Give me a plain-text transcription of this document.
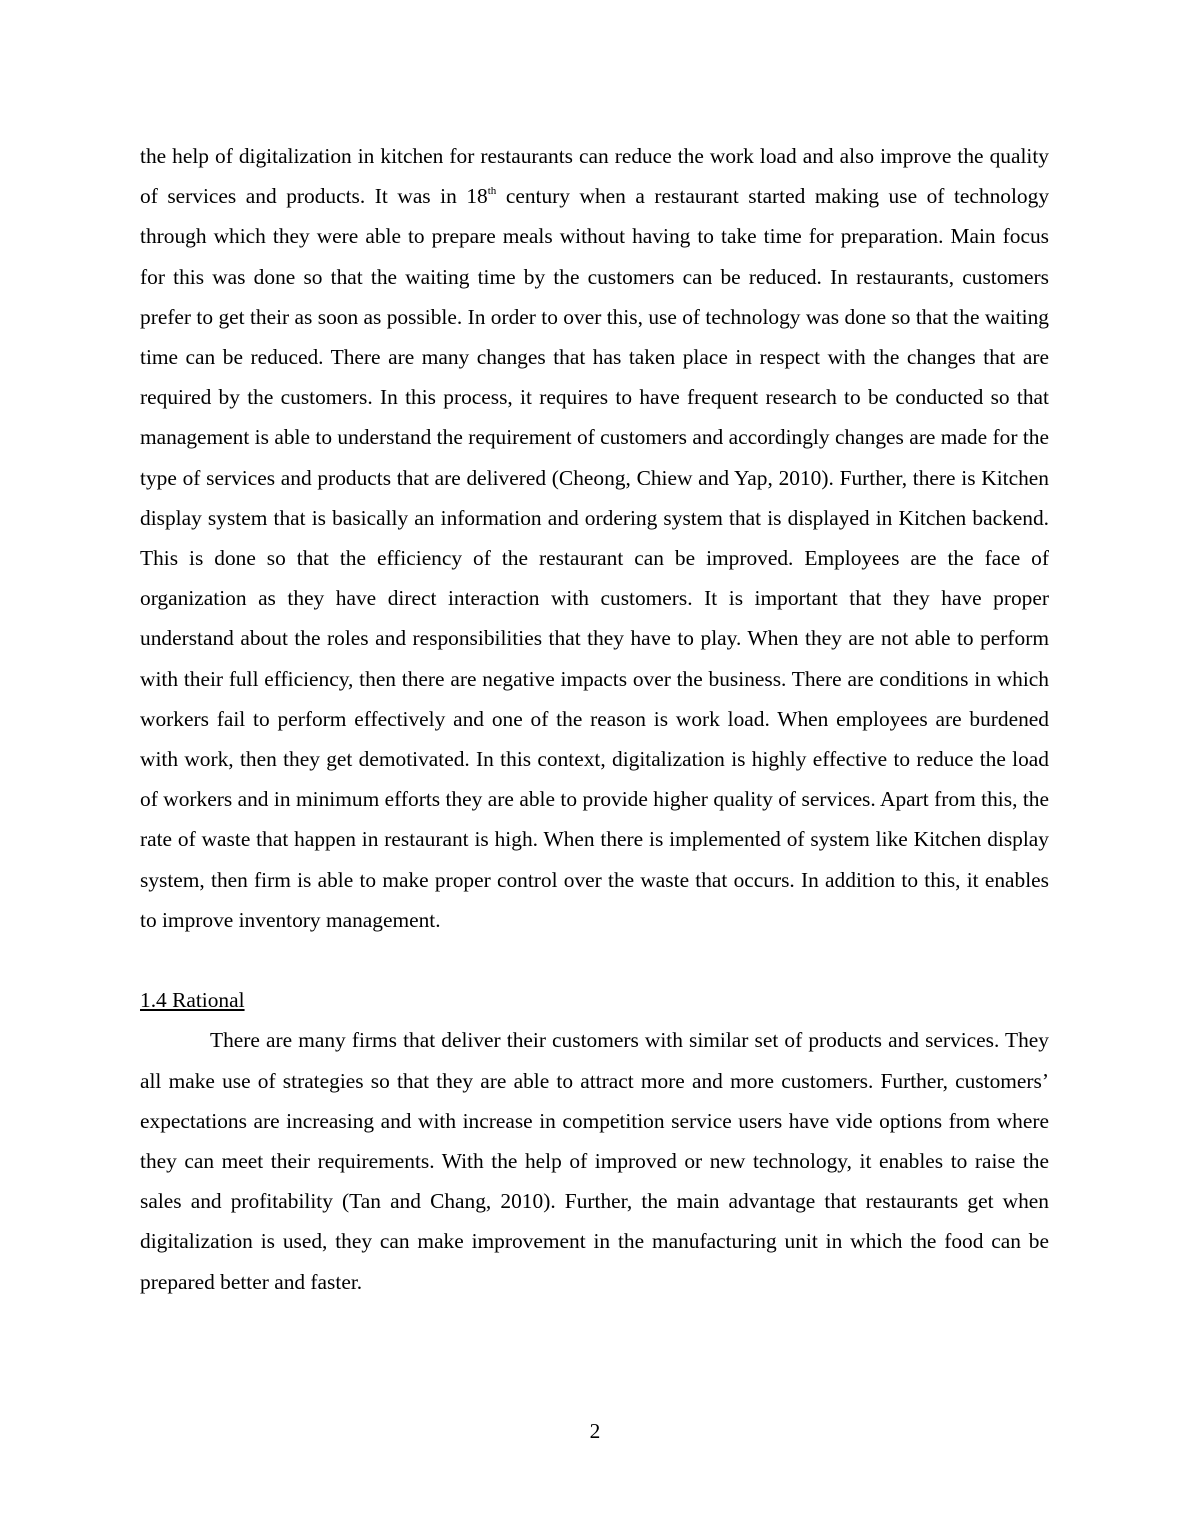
the help of digitalization in kitchen for restaurants can reduce the work load and also improve the quality of services and products. It was in 18th century when a restaurant started making use of technology through which they were able to prepare meals without having to take time for preparation. Main focus for this was done so that the waiting time by the customers can be reduced. In restaurants, customers prefer to get their as soon as possible. In order to over this, use of technology was done so that the waiting time can be reduced. There are many changes that has taken place in respect with the changes that are required by the customers. In this process, it requires to have frequent research to be conducted so that management is able to understand the requirement of customers and accordingly changes are made for the type of services and products that are delivered (Cheong, Chiew and Yap, 2010). Further, there is Kitchen display system that is basically an information and ordering system that is displayed in Kitchen backend. This is done so that the efficiency of the restaurant can be improved. Employees are the face of organization as they have direct interaction with customers. It is important that they have proper understand about the roles and responsibilities that they have to play. When they are not able to perform with their full efficiency, then there are negative impacts over the business. There are conditions in which workers fail to perform effectively and one of the reason is work load. When employees are burdened with work, then they get demotivated. In this context, digitalization is highly effective to reduce the load of workers and in minimum efforts they are able to provide higher quality of services. Apart from this, the rate of waste that happen in restaurant is high. When there is implemented of system like Kitchen display system, then firm is able to make proper control over the waste that occurs. In addition to this, it enables to improve inventory management.

1.4 Rational

There are many firms that deliver their customers with similar set of products and services. They all make use of strategies so that they are able to attract more and more customers. Further, customers’ expectations are increasing and with increase in competition service users have vide options from where they can meet their requirements. With the help of improved or new technology, it enables to raise the sales and profitability (Tan and Chang, 2010). Further, the main advantage that restaurants get when digitalization is used, they can make improvement in the manufacturing unit in which the food can be prepared better and faster.

2
